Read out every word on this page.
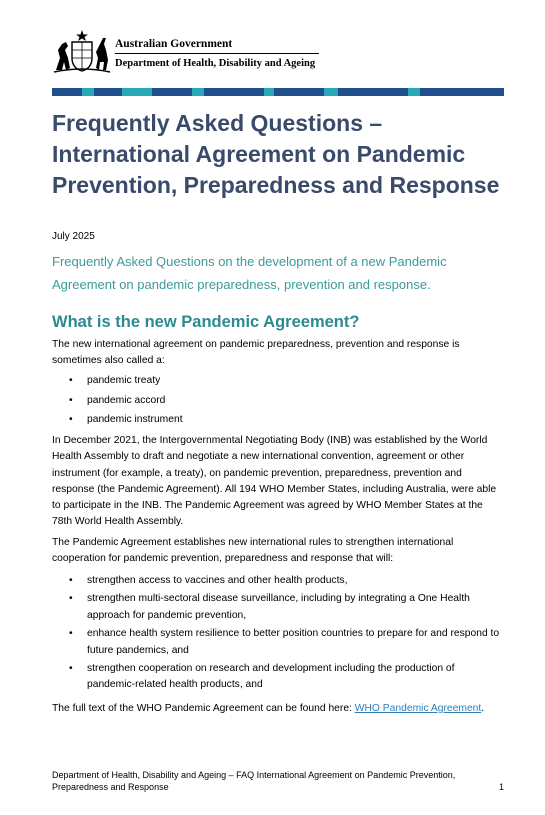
Australian Government
Department of Health, Disability and Ageing
Frequently Asked Questions – International Agreement on Pandemic Prevention, Preparedness and Response
July 2025
Frequently Asked Questions on the development of a new Pandemic Agreement on pandemic preparedness, prevention and response.
What is the new Pandemic Agreement?
The new international agreement on pandemic preparedness, prevention and response is sometimes also called a:
• pandemic treaty
• pandemic accord
• pandemic instrument
In December 2021, the Intergovernmental Negotiating Body (INB) was established by the World Health Assembly to draft and negotiate a new international convention, agreement or other instrument (for example, a treaty), on pandemic prevention, preparedness, prevention and response (the Pandemic Agreement). All 194 WHO Member States, including Australia, were able to participate in the INB. The Pandemic Agreement was agreed by WHO Member States at the 78th World Health Assembly.
The Pandemic Agreement establishes new international rules to strengthen international cooperation for pandemic prevention, preparedness and response that will:
• strengthen access to vaccines and other health products,
• strengthen multi-sectoral disease surveillance, including by integrating a One Health approach for pandemic prevention,
• enhance health system resilience to better position countries to prepare for and respond to future pandemics, and
• strengthen cooperation on research and development including the production of pandemic-related health products, and
The full text of the WHO Pandemic Agreement can be found here: WHO Pandemic Agreement.
Department of Health, Disability and Ageing – FAQ International Agreement on Pandemic Prevention, Preparedness and Response	1
